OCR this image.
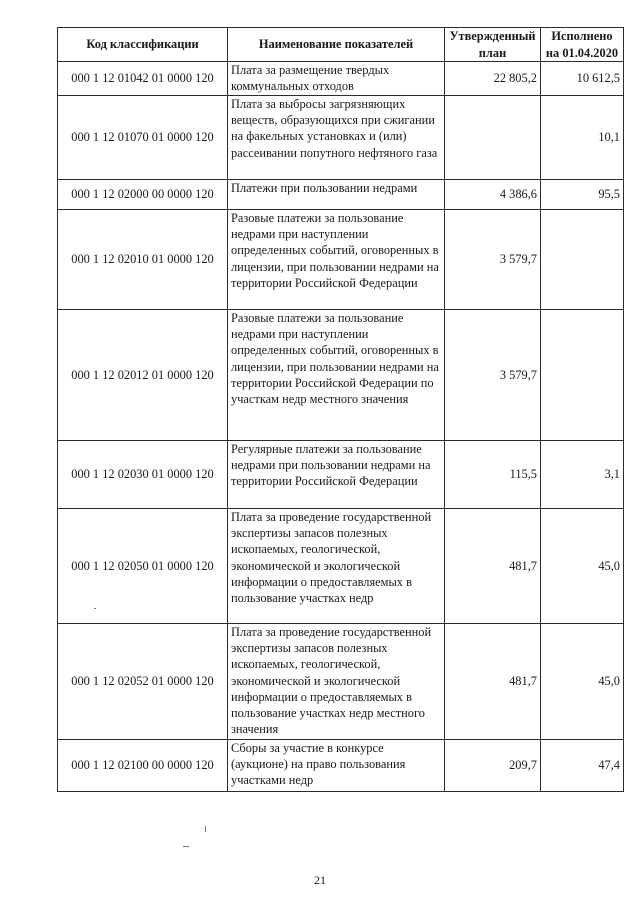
Код классификации	Наименование показателей	Утвержденный план	Исполнено на 01.04.2020
000 1 12 01042 01 0000 120	Плата за размещение твердых коммунальных отходов	22 805,2	10 612,5
000 1 12 01070 01 0000 120	Плата за выбросы загрязняющих веществ, образующихся при сжигании на факельных установках и (или) рассеивании попутного нефтяного газа		10,1
000 1 12 02000 00 0000 120	Платежи при пользовании недрами	4 386,6	95,5
000 1 12 02010 01 0000 120	Разовые платежи за пользование недрами при наступлении определенных событий, оговоренных в лицензии, при пользовании недрами на территории Российской Федерации	3 579,7	
000 1 12 02012 01 0000 120	Разовые платежи за пользование недрами при наступлении определенных событий, оговоренных в лицензии, при пользовании недрами на территории Российской Федерации по участкам недр местного значения	3 579,7	
000 1 12 02030 01 0000 120	Регулярные платежи за пользование недрами при пользовании недрами на территории Российской Федерации	115,5	3,1
000 1 12 02050 01 0000 120	Плата за проведение государственной экспертизы запасов полезных ископаемых, геологической, экономической и экологической информации о предоставляемых в пользование участках недр	481,7	45,0
000 1 12 02052 01 0000 120	Плата за проведение государственной экспертизы запасов полезных ископаемых, геологической, экономической и экологической информации о предоставляемых в пользование участках недр местного значения	481,7	45,0
000 1 12 02100 00 0000 120	Сборы за участие в конкурсе (аукционе) на право пользования участками недр	209,7	47,4
21
